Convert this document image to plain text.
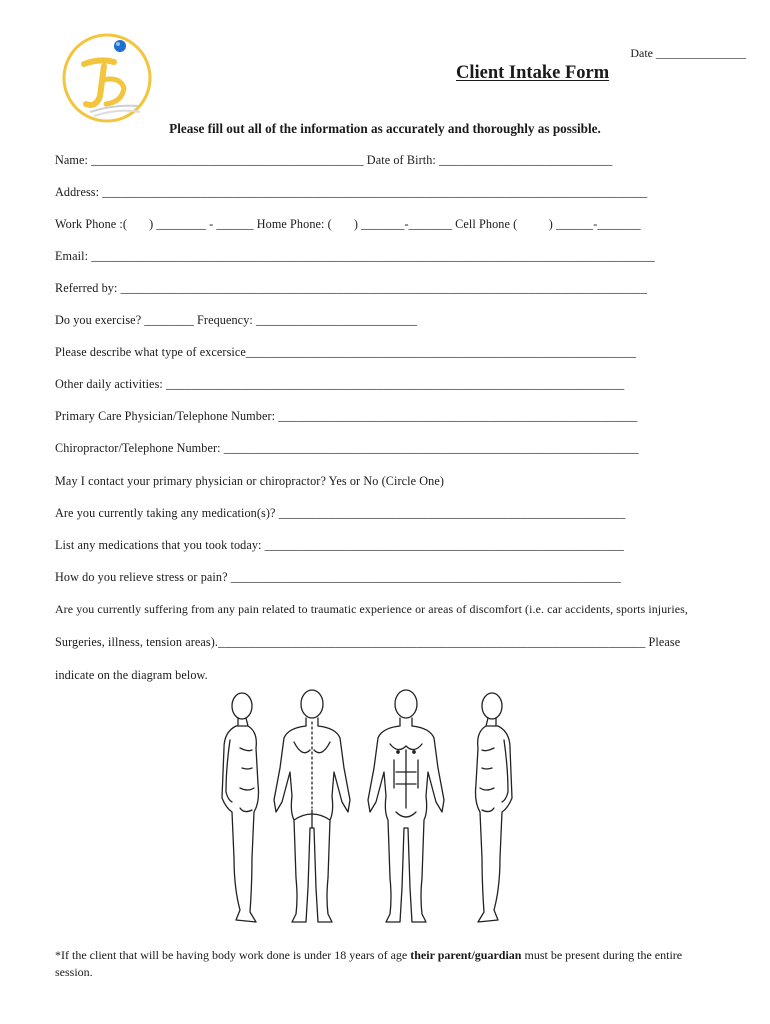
Date _______________
Client Intake Form
Please fill out all of the information as accurately and thoroughly as possible.
Name: ____________________________________________ Date of Birth: ____________________________
Address: ________________________________________________________________________________________
Work Phone :(       ) ________ - ______ Home Phone: (       ) _______-_______ Cell Phone (          ) ______-_______
Email: ___________________________________________________________________________________________
Referred by: _____________________________________________________________________________________
Do you exercise? ________ Frequency: __________________________
Please describe what type of excersice_______________________________________________________________
Other daily activities: __________________________________________________________________________
Primary Care Physician/Telephone Number: __________________________________________________________
Chiropractor/Telephone Number: ___________________________________________________________________
May I contact your primary physician or chiropractor? Yes or No (Circle One)
Are you currently taking any medication(s)? ________________________________________________________
List any medications that you took today: __________________________________________________________
How do you relieve stress or pain? _______________________________________________________________
Are you currently suffering from any pain related to traumatic experience or areas of discomfort (i.e. car accidents, sports injuries,
Surgeries, illness, tension areas)._____________________________________________________________________ Please
indicate on the diagram below.
*If the client that will be having body work done is under 18 years of age their parent/guardian must be present during the entire session.
